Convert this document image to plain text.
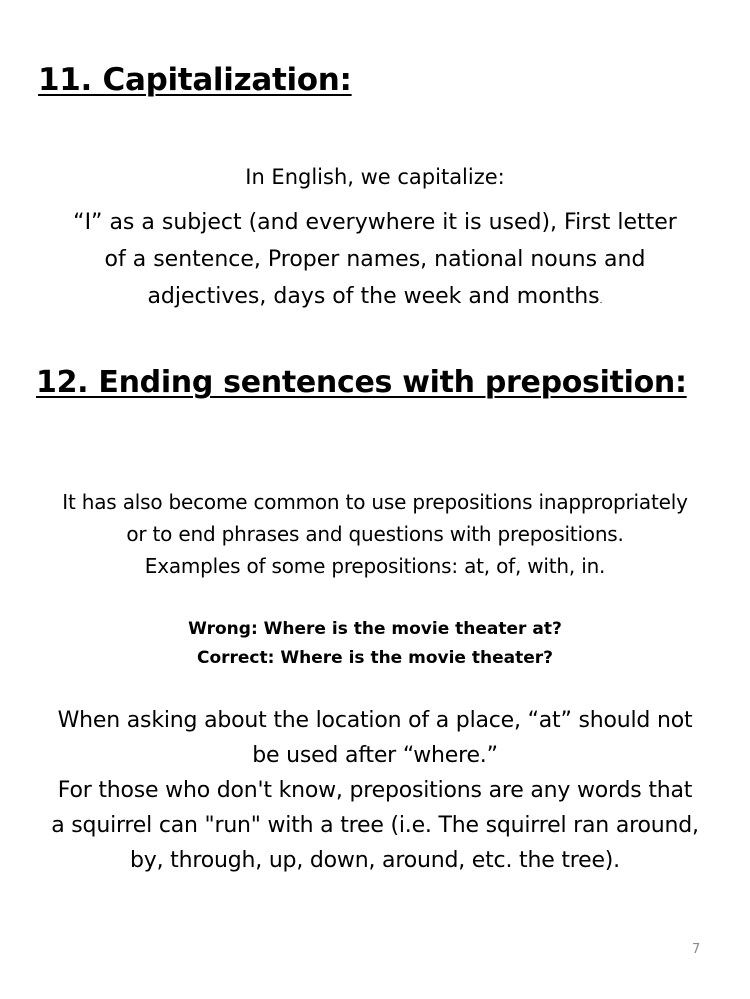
11. Capitalization:
In English, we capitalize:
“I” as a subject (and everywhere it is used), First letter
of a sentence, Proper names, national nouns and
adjectives, days of the week and months.
12. Ending sentences with preposition:
It has also become common to use prepositions inappropriately
or to end phrases and questions with prepositions.
Examples of some prepositions: at, of, with, in.
Wrong: Where is the movie theater at?
Correct: Where is the movie theater?
When asking about the location of a place, “at” should not
be used after “where.”
For those who don't know, prepositions are any words that
a squirrel can "run" with a tree (i.e. The squirrel ran around,
by, through, up, down, around, etc. the tree).
7
